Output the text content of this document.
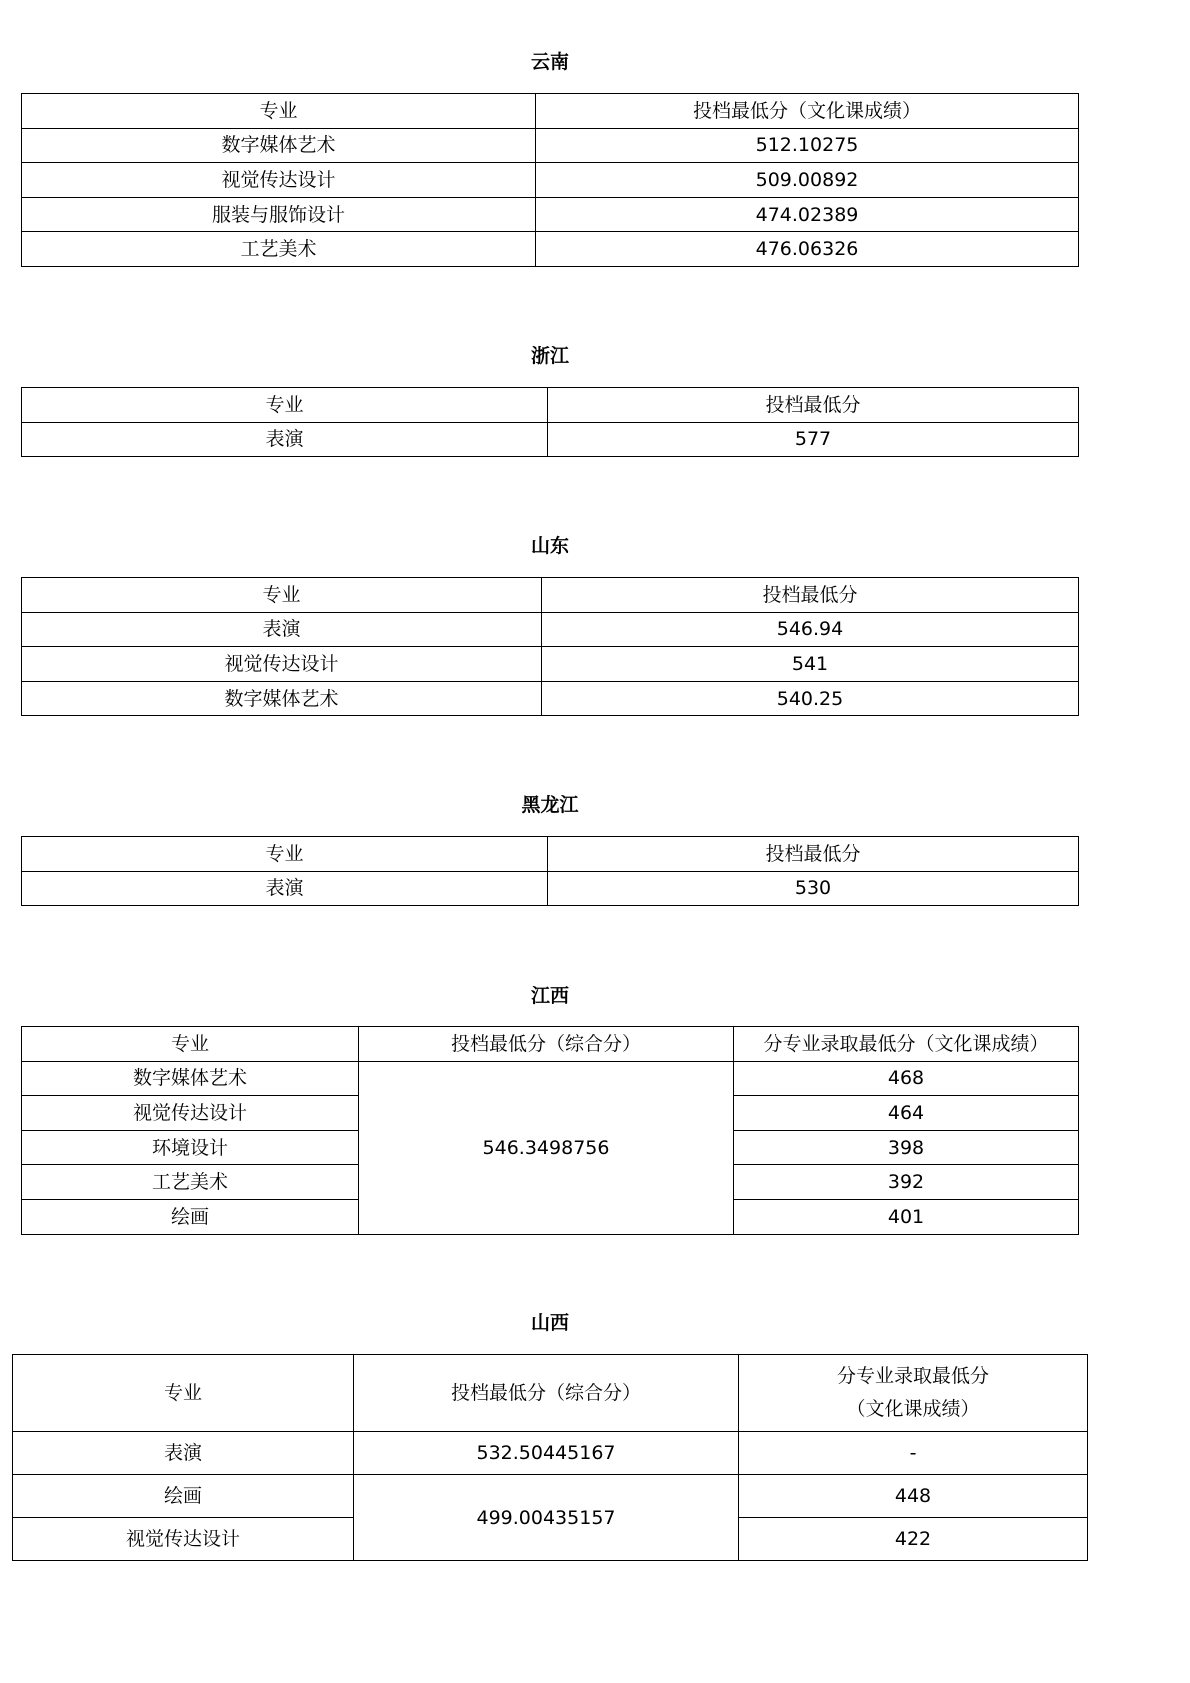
云南
专业	投档最低分（文化课成绩）
数字媒体艺术	512.10275
视觉传达设计	509.00892
服装与服饰设计	474.02389
工艺美术	476.06326
浙江
专业	投档最低分
表演	577
山东
专业	投档最低分
表演	546.94
视觉传达设计	541
数字媒体艺术	540.25
黑龙江
专业	投档最低分
表演	530
江西
专业	投档最低分（综合分）	分专业录取最低分（文化课成绩）
数字媒体艺术	546.3498756	468
视觉传达设计		464
环境设计		398
工艺美术		392
绘画		401
山西
专业	投档最低分（综合分）	分专业录取最低分
（文化课成绩）

表演	532.50445167	-
绘画	499.00435157	448
视觉传达设计		422
